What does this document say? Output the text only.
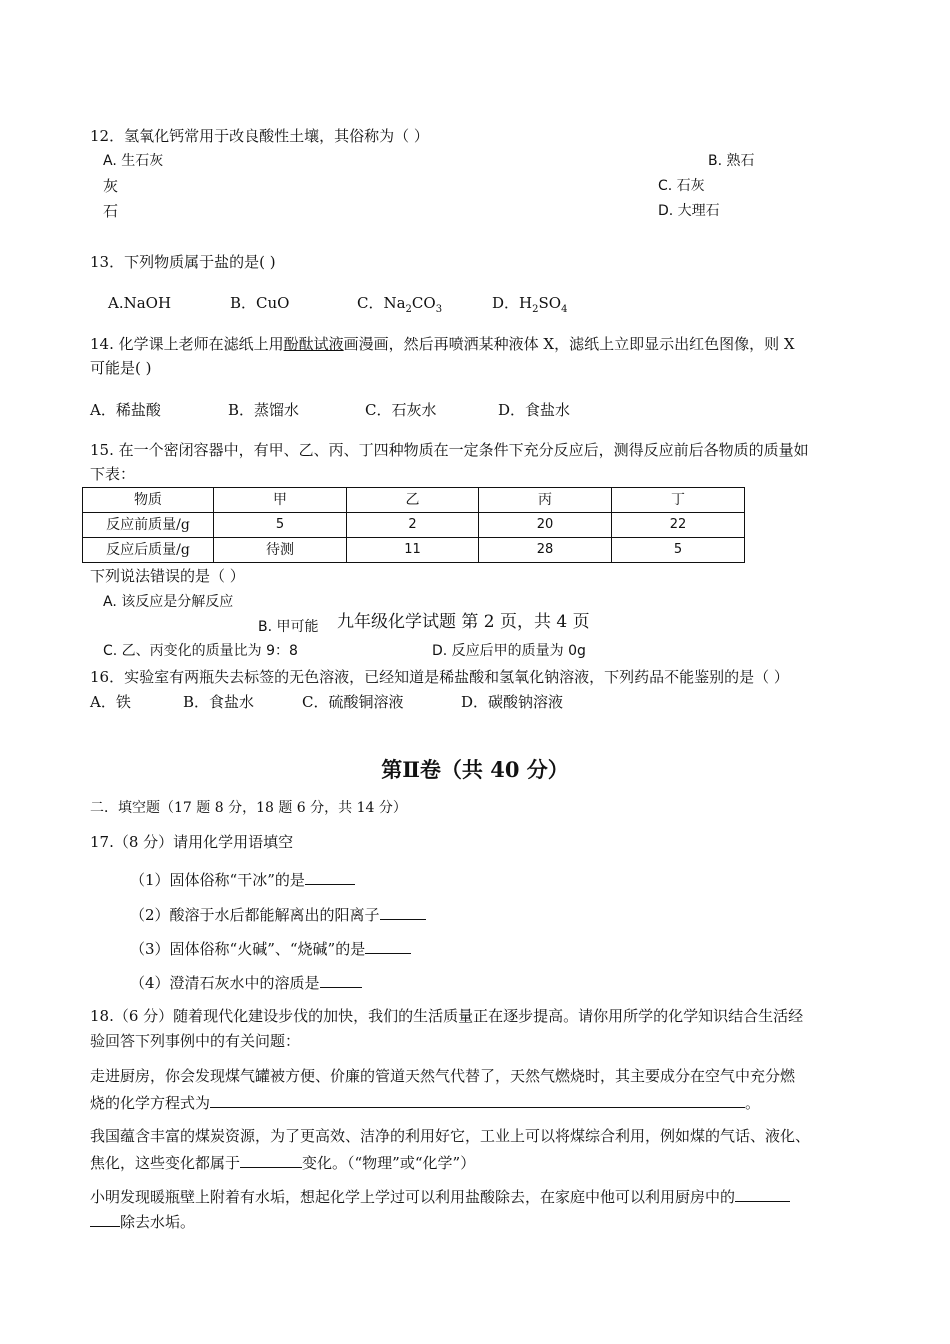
12．氢氧化钙常用于改良酸性土壤，其俗称为（ ）
A. 生石灰	B. 熟石
灰	C. 石灰
石	D. 大理石
13．下列物质属于盐的是( )
A.NaOH	B．CuO	C．$Na_2CO_3$	D．$H_2SO_4$
14. 化学课上老师在滤纸上用酚酞试液画漫画，然后再喷洒某种液体 X，滤纸上立即显示出红色图像，则 X
可能是( )
A．稀盐酸	B．蒸馏水	C．石灰水	D．食盐水
15. 在一个密闭容器中，有甲、乙、丙、丁四种物质在一定条件下充分反应后，测得反应前后各物质的质量如
下表：
物质	甲	乙	丙	丁
反应前质量/g	5	2	20	22
反应后质量/g	待测	11	28	5
下列说法错误的是（ ）
A. 该反应是分解反应
B. 甲可能 九年级化学试题 第 2 页，共 4 页
C. 乙、丙变化的质量比为 9：8	D. 反应后甲的质量为 0g
16．实验室有两瓶失去标签的无色溶液，已经知道是稀盐酸和氢氧化钠溶液，下列药品不能鉴别的是（ ）
A．铁	B．食盐水	C．硫酸铜溶液	D．碳酸钠溶液
第Ⅱ卷（共 40 分）
二．填空题（17 题 8 分，18 题 6 分，共 14 分）
17.（8 分）请用化学用语填空
（1）固体俗称“干冰”的是
（2）酸溶于水后都能解离出的阳离子
（3）固体俗称“火碱”、“烧碱”的是
（4）澄清石灰水中的溶质是
18.（6 分）随着现代化建设步伐的加快，我们的生活质量正在逐步提高。请你用所学的化学知识结合生活经
验回答下列事例中的有关问题：
走进厨房，你会发现煤气罐被方便、价廉的管道天然气代替了，天然气燃烧时，其主要成分在空气中充分燃
烧的化学方程式为	。
我国蕴含丰富的煤炭资源，为了更高效、洁净的利用好它，工业上可以将煤综合利用，例如煤的气话、液化、
焦化，这些变化都属于	变化。（“物理”或“化学”）
小明发现暖瓶壁上附着有水垢，想起化学上学过可以利用盐酸除去，在家庭中他可以利用厨房中的
除去水垢。
